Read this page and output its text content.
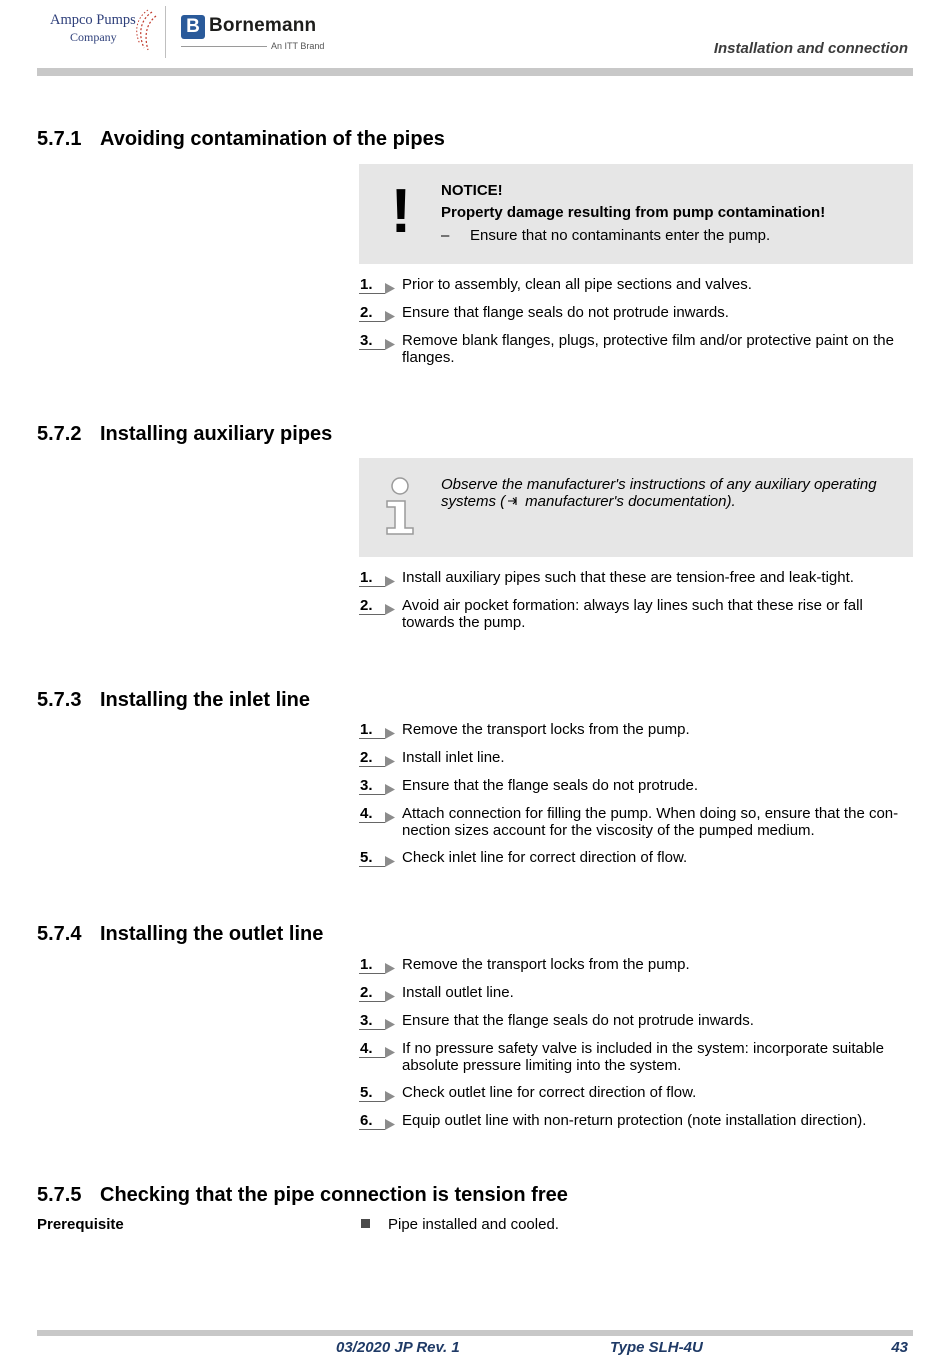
Ampco Pumps
Company	B Bornemann
An ITT Brand	Installation and connection
5.7.1 Avoiding contamination of the pipes
!	NOTICE!
Property damage resulting from pump contamination!
– Ensure that no contaminants enter the pump.
1. Prior to assembly, clean all pipe sections and valves.
2. Ensure that flange seals do not protrude inwards.
3. Remove blank flanges, plugs, protective film and/or protective paint on the flanges.
5.7.2 Installing auxiliary pipes
Observe the manufacturer's instructions of any auxiliary operating systems ( manufacturer's documentation).
1. Install auxiliary pipes such that these are tension-free and leak-tight.
2. Avoid air pocket formation: always lay lines such that these rise or fall towards the pump.
5.7.3 Installing the inlet line
1. Remove the transport locks from the pump.
2. Install inlet line.
3. Ensure that the flange seals do not protrude.
4. Attach connection for filling the pump. When doing so, ensure that the con-nection sizes account for the viscosity of the pumped medium.
5. Check inlet line for correct direction of flow.
5.7.4 Installing the outlet line
1. Remove the transport locks from the pump.
2. Install outlet line.
3. Ensure that the flange seals do not protrude inwards.
4. If no pressure safety valve is included in the system: incorporate suitable absolute pressure limiting into the system.
5. Check outlet line for correct direction of flow.
6. Equip outlet line with non-return protection (note installation direction).
5.7.5 Checking that the pipe connection is tension free
Prerequisite	Pipe installed and cooled.
03/2020 JP Rev. 1	Type SLH-4U	43
